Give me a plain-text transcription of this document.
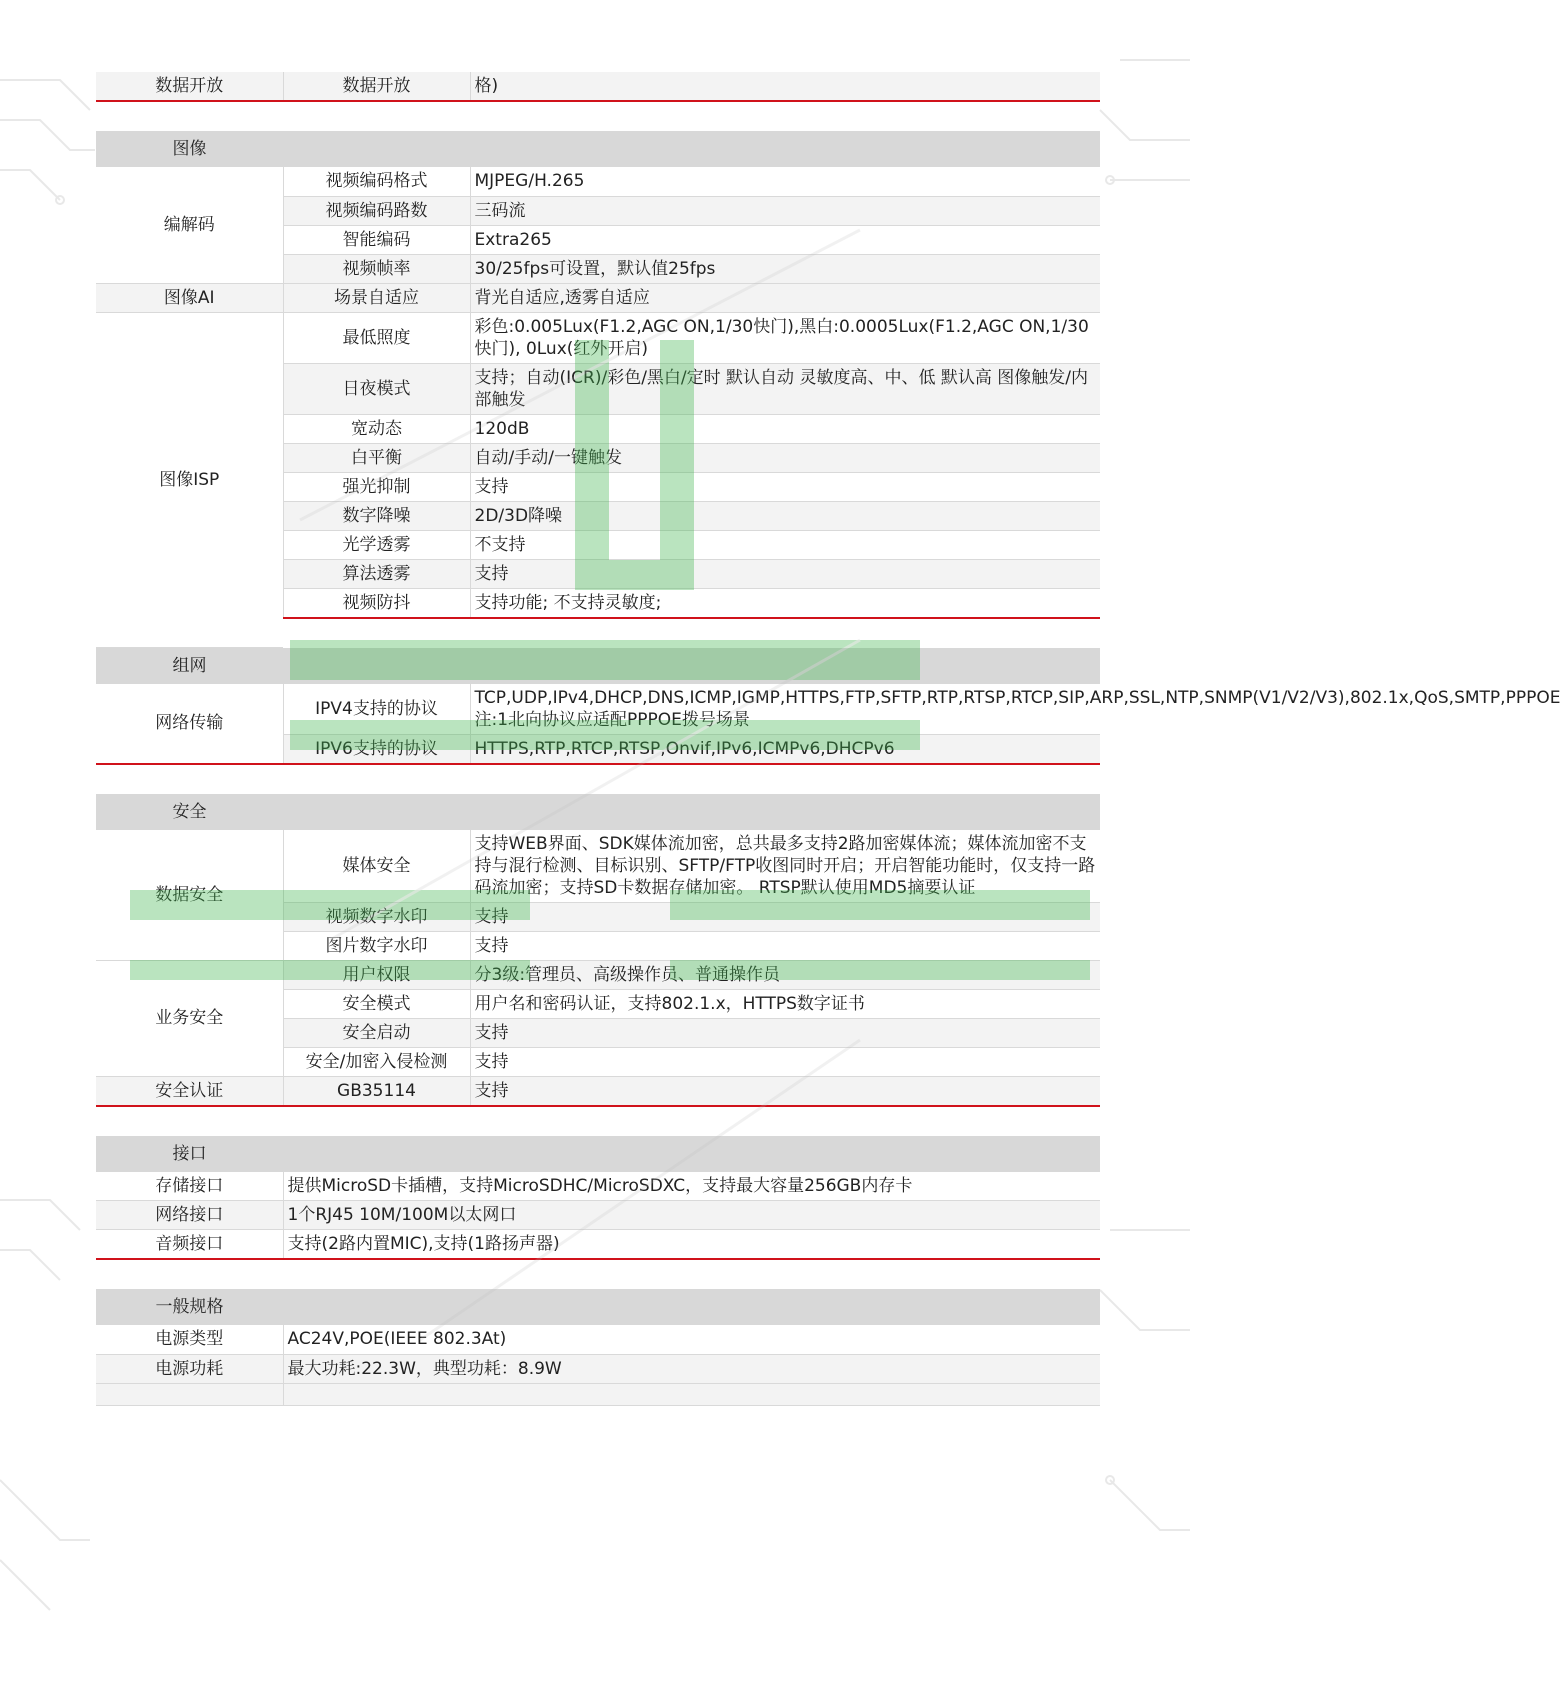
数据开放	数据开放	格)

图像		
编解码	视频编码格式	MJPEG/H.265
	视频编码路数	三码流
	智能编码	Extra265
	视频帧率	30/25fps可设置，默认值25fps
图像AI	场景自适应	背光自适应,透雾自适应
图像ISP	最低照度	彩色:0.005Lux(F1.2,AGC ON,1/30快门),黑白:0.0005Lux(F1.2,AGC ON,1/30快门), 0Lux(红外开启)
	日夜模式	支持；自动(ICR)/彩色/黑白/定时 默认自动 灵敏度高、中、低 默认高 图像触发/内部触发
	宽动态	120dB
	白平衡	自动/手动/一键触发
	强光抑制	支持
	数字降噪	2D/3D降噪
	光学透雾	不支持
	算法透雾	支持
	视频防抖	支持功能; 不支持灵敏度;

组网		
网络传输	IPV4支持的协议	TCP,UDP,IPv4,DHCP,DNS,ICMP,IGMP,HTTPS,FTP,SFTP,RTP,RTSP,RTCP,SIP,ARP,SSL,NTP,SNMP(V1/V2/V3),802.1x,QoS,SMTP,PPPOE 注:1北向协议应适配PPPOE拨号场景
	IPV6支持的协议	HTTPS,RTP,RTCP,RTSP,Onvif,IPv6,ICMPv6,DHCPv6

安全		
数据安全	媒体安全	支持WEB界面、SDK媒体流加密，总共最多支持2路加密媒体流；媒体流加密不支持与混行检测、目标识别、SFTP/FTP收图同时开启；开启智能功能时，仅支持一路码流加密；支持SD卡数据存储加密。 RTSP默认使用MD5摘要认证
	视频数字水印	支持
	图片数字水印	支持
业务安全	用户权限	分3级:管理员、高级操作员、普通操作员
	安全模式	用户名和密码认证，支持802.1.x，HTTPS数字证书
	安全启动	支持
	安全/加密入侵检测	支持
安全认证	GB35114	支持

接口		
存储接口	提供MicroSD卡插槽，支持MicroSDHC/MicroSDXC，支持最大容量256GB内存卡	
网络接口	1个RJ45 10M/100M以太网口	
音频接口	支持(2路内置MIC),支持(1路扬声器)	

一般规格		
电源类型	AC24V,POE(IEEE 802.3At)	
电源功耗	最大功耗:22.3W，典型功耗：8.9W	
